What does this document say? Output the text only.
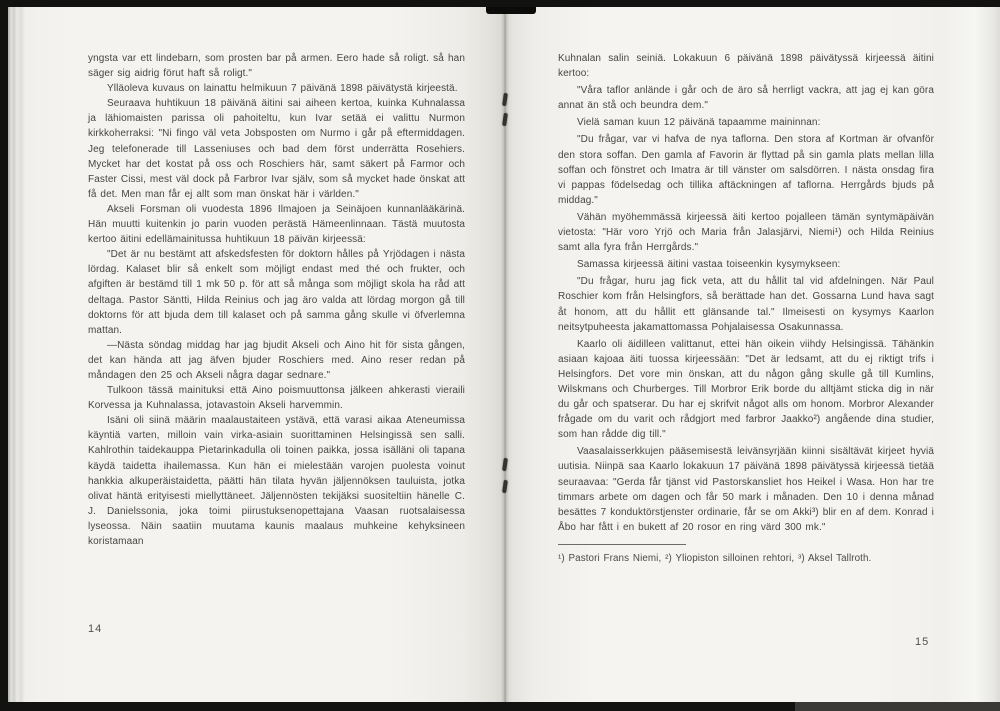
yngsta var ett lindebarn, som prosten bar på armen. Eero hade så roligt. så han säger sig aidrig förut haft så roligt."

Ylläoleva kuvaus on lainattu helmikuun 7 päivänä 1898 päivätystä kirjeestä.

Seuraava huhtikuun 18 päivänä äitini sai aiheen kertoa, kuinka Kuhnalassa ja lähiomaisten parissa oli pahoiteltu, kun Ivar setää ei valittu Nurmon kirkkoherraksi: "Ni fingo väl veta Jobsposten om Nurmo i går på eftermiddagen. Jeg telefonerade till Lasseniuses och bad dem först underrätta Rosehiers. Mycket har det kostat på oss och Roschiers här, samt säkert på Farmor och Faster Cissi, mest väl dock på Farbror Ivar själv, som så mycket hade önskat att få det. Men man får ej allt som man önskat här i världen."

Akseli Forsman oli vuodesta 1896 Ilmajoen ja Seinäjoen kunnanlääkärinä. Hän muutti kuitenkin jo parin vuoden perästä Hämeenlinnaan. Tästä muutosta kertoo äitini edellämainitussa huhtikuun 18 päivän kirjeessä:

"Det är nu bestämt att afskedsfesten för doktorn hålles på Yrjödagen i nästa lördag. Kalaset blir så enkelt som möjligt endast med thé och frukter, och afgiften är bestämd till 1 mk 50 p. för att så många som möjligt skola ha råd att deltaga. Pastor Säntti, Hilda Reinius och jag äro valda att lördag morgon gå till doktorns för att bjuda dem till kalaset och på samma gång skulle vi öfverlemna mattan.

—Nästa söndag middag har jag bjudit Akseli och Aino hit för sista gången, det kan hända att jag äfven bjuder Roschiers med. Aino reser redan på måndagen den 25 och Akseli några dagar sednare."

Tulkoon tässä mainituksi että Aino poismuuttonsa jälkeen ahkerasti vieraili Korvessa ja Kuhnalassa, jotavastoin Akseli harvemmin.

Isäni oli siinä määrin maalaustaiteen ystävä, että varasi aikaa Ateneumissa käyntiä varten, milloin vain virka-asiain suorittaminen Helsingissä sen salli. Kahlrothin taidekauppa Pietarinkadulla oli toinen paikka, jossa isälläni oli tapana käydä taidetta ihailemassa. Kun hän ei mielestään varojen puolesta voinut hankkia alkuperäistaidetta, päätti hän tilata hyvän jäljennöksen tauluista, jotka olivat häntä erityisesti miellyttäneet. Jäljennösten tekijäksi suositeltiin hänelle C. J. Danielssonia, joka toimi piirustuksenopettajana Vaasan ruotsalaisessa lyseossa. Näin saatiin muutama kaunis maalaus muhkeine kehyksineen koristamaan

14

Kuhnalan salin seiniä. Lokakuun 6 päivänä 1898 päivätyssä kirjeessä äitini kertoo:

"Våra taflor anlände i går och de äro så herrligt vackra, att jag ej kan göra annat än stå och beundra dem."

Vielä saman kuun 12 päivänä tapaamme maininnan:

"Du frågar, var vi hafva de nya taflorna. Den stora af Kortman är ofvanför den stora soffan. Den gamla af Favorin är flyttad på sin gamla plats mellan lilla soffan och fönstret och Imatra är till vänster om salsdörren. I nästa onsdag fira vi pappas födelsedag och tillika aftäckningen af taflorna. Herrgårds bjuds på middag."

Vähän myöhemmässä kirjeessä äiti kertoo pojalleen tämän syntymäpäivän vietosta: "Här voro Yrjö och Maria från Jalasjärvi, Niemi¹) och Hilda Reinius samt alla fyra från Herrgårds."

Samassa kirjeessä äitini vastaa toiseenkin kysymykseen:

"Du frågar, huru jag fick veta, att du hållit tal vid afdelningen. När Paul Roschier kom från Helsingfors, så berättade han det. Gossarna Lund hava sagt åt honom, att du hållit ett glänsande tal." Ilmeisesti on kysymys Kaarlon neitsytpuheesta jakamattomassa Pohjalaisessa Osakunnassa.

Kaarlo oli äidilleen valittanut, ettei hän oikein viihdy Helsingissä. Tähänkin asiaan kajoaa äiti tuossa kirjeessään: "Det är ledsamt, att du ej riktigt trifs i Helsingfors. Det vore min önskan, att du någon gång skulle gå till Kumlins, Wilskmans och Churberges. Till Morbror Erik borde du alltjämt sticka dig in när du går och spatserar. Du har ej skrifvit något alls om honom. Morbror Alexander frågade om du varit och rådgjort med farbror Jaakko²) angående dina studier, som han rådde dig till."

Vaasalaisserkkujen pääsemisestä leivänsyrjään kiinni sisältävät kirjeet hyviä uutisia. Niinpä saa Kaarlo lokakuun 17 päivänä 1898 päivätyssä kirjeessä tietää seuraavaa: "Gerda får tjänst vid Pastorskansliet hos Heikel i Wasa. Hon har tre timmars arbete om dagen och får 50 mark i månaden. Den 10 i denna månad besättes 7 konduktörstjenster ordinarie, får se om Akki³) blir en af dem. Konrad i Åbo har fått i en bukett af 20 rosor en ring värd 300 mk."

¹) Pastori Frans Niemi, ²) Yliopiston silloinen rehtori, ³) Aksel Tallroth.

15
